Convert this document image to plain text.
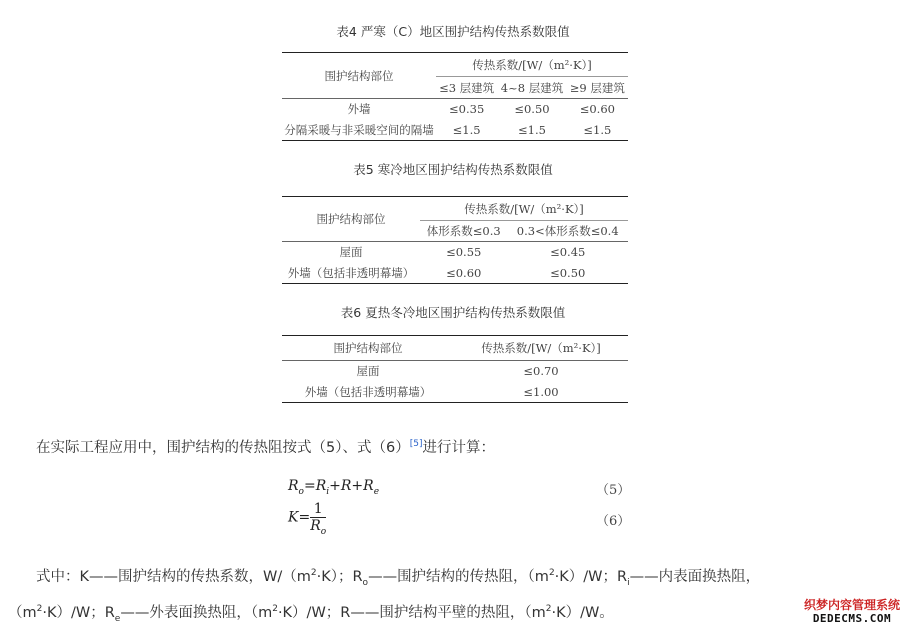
表4 严寒（C）地区围护结构传热系数限值
围护结构部位	传热系数/[W/（m²·K）]		
	≤3 层建筑	4~8 层建筑	≥9 层建筑
外墙	≤0.35	≤0.50	≤0.60
分隔采暖与非采暖空间的隔墙	≤1.5	≤1.5	≤1.5
表5 寒冷地区围护结构传热系数限值
围护结构部位	传热系数/[W/（m²·K）]	
	体形系数≤0.3	0.3<体形系数≤0.4
屋面	≤0.55	≤0.45
外墙（包括非透明幕墙）	≤0.60	≤0.50
表6 夏热冬冷地区围护结构传热系数限值
围护结构部位	传热系数/[W/（m²·K）]
屋面	≤0.70
外墙（包括非透明幕墙）	≤1.00

在实际工程应用中，围护结构的传热阻按式（5）、式（6）[5]进行计算：

$R_o=R_i+R+R_e$	（5）
$K= \frac{1}{R_o}$	（6）

式中：K——围护结构的传热系数，$W/(m^2\cdot K)$；$R_o——$围护结构的传热阻，$(m^2\cdot K)/W$；$R_i——$内表面换热阻，

$(m^2\cdot K)/W$；$R_e——$外表面换热阻，$(m^2\cdot K)/W$；R——围护结构平壁的热阻，$(m^2\cdot K)/W$。	织梦内容管理系统
DEDECMS.COM
